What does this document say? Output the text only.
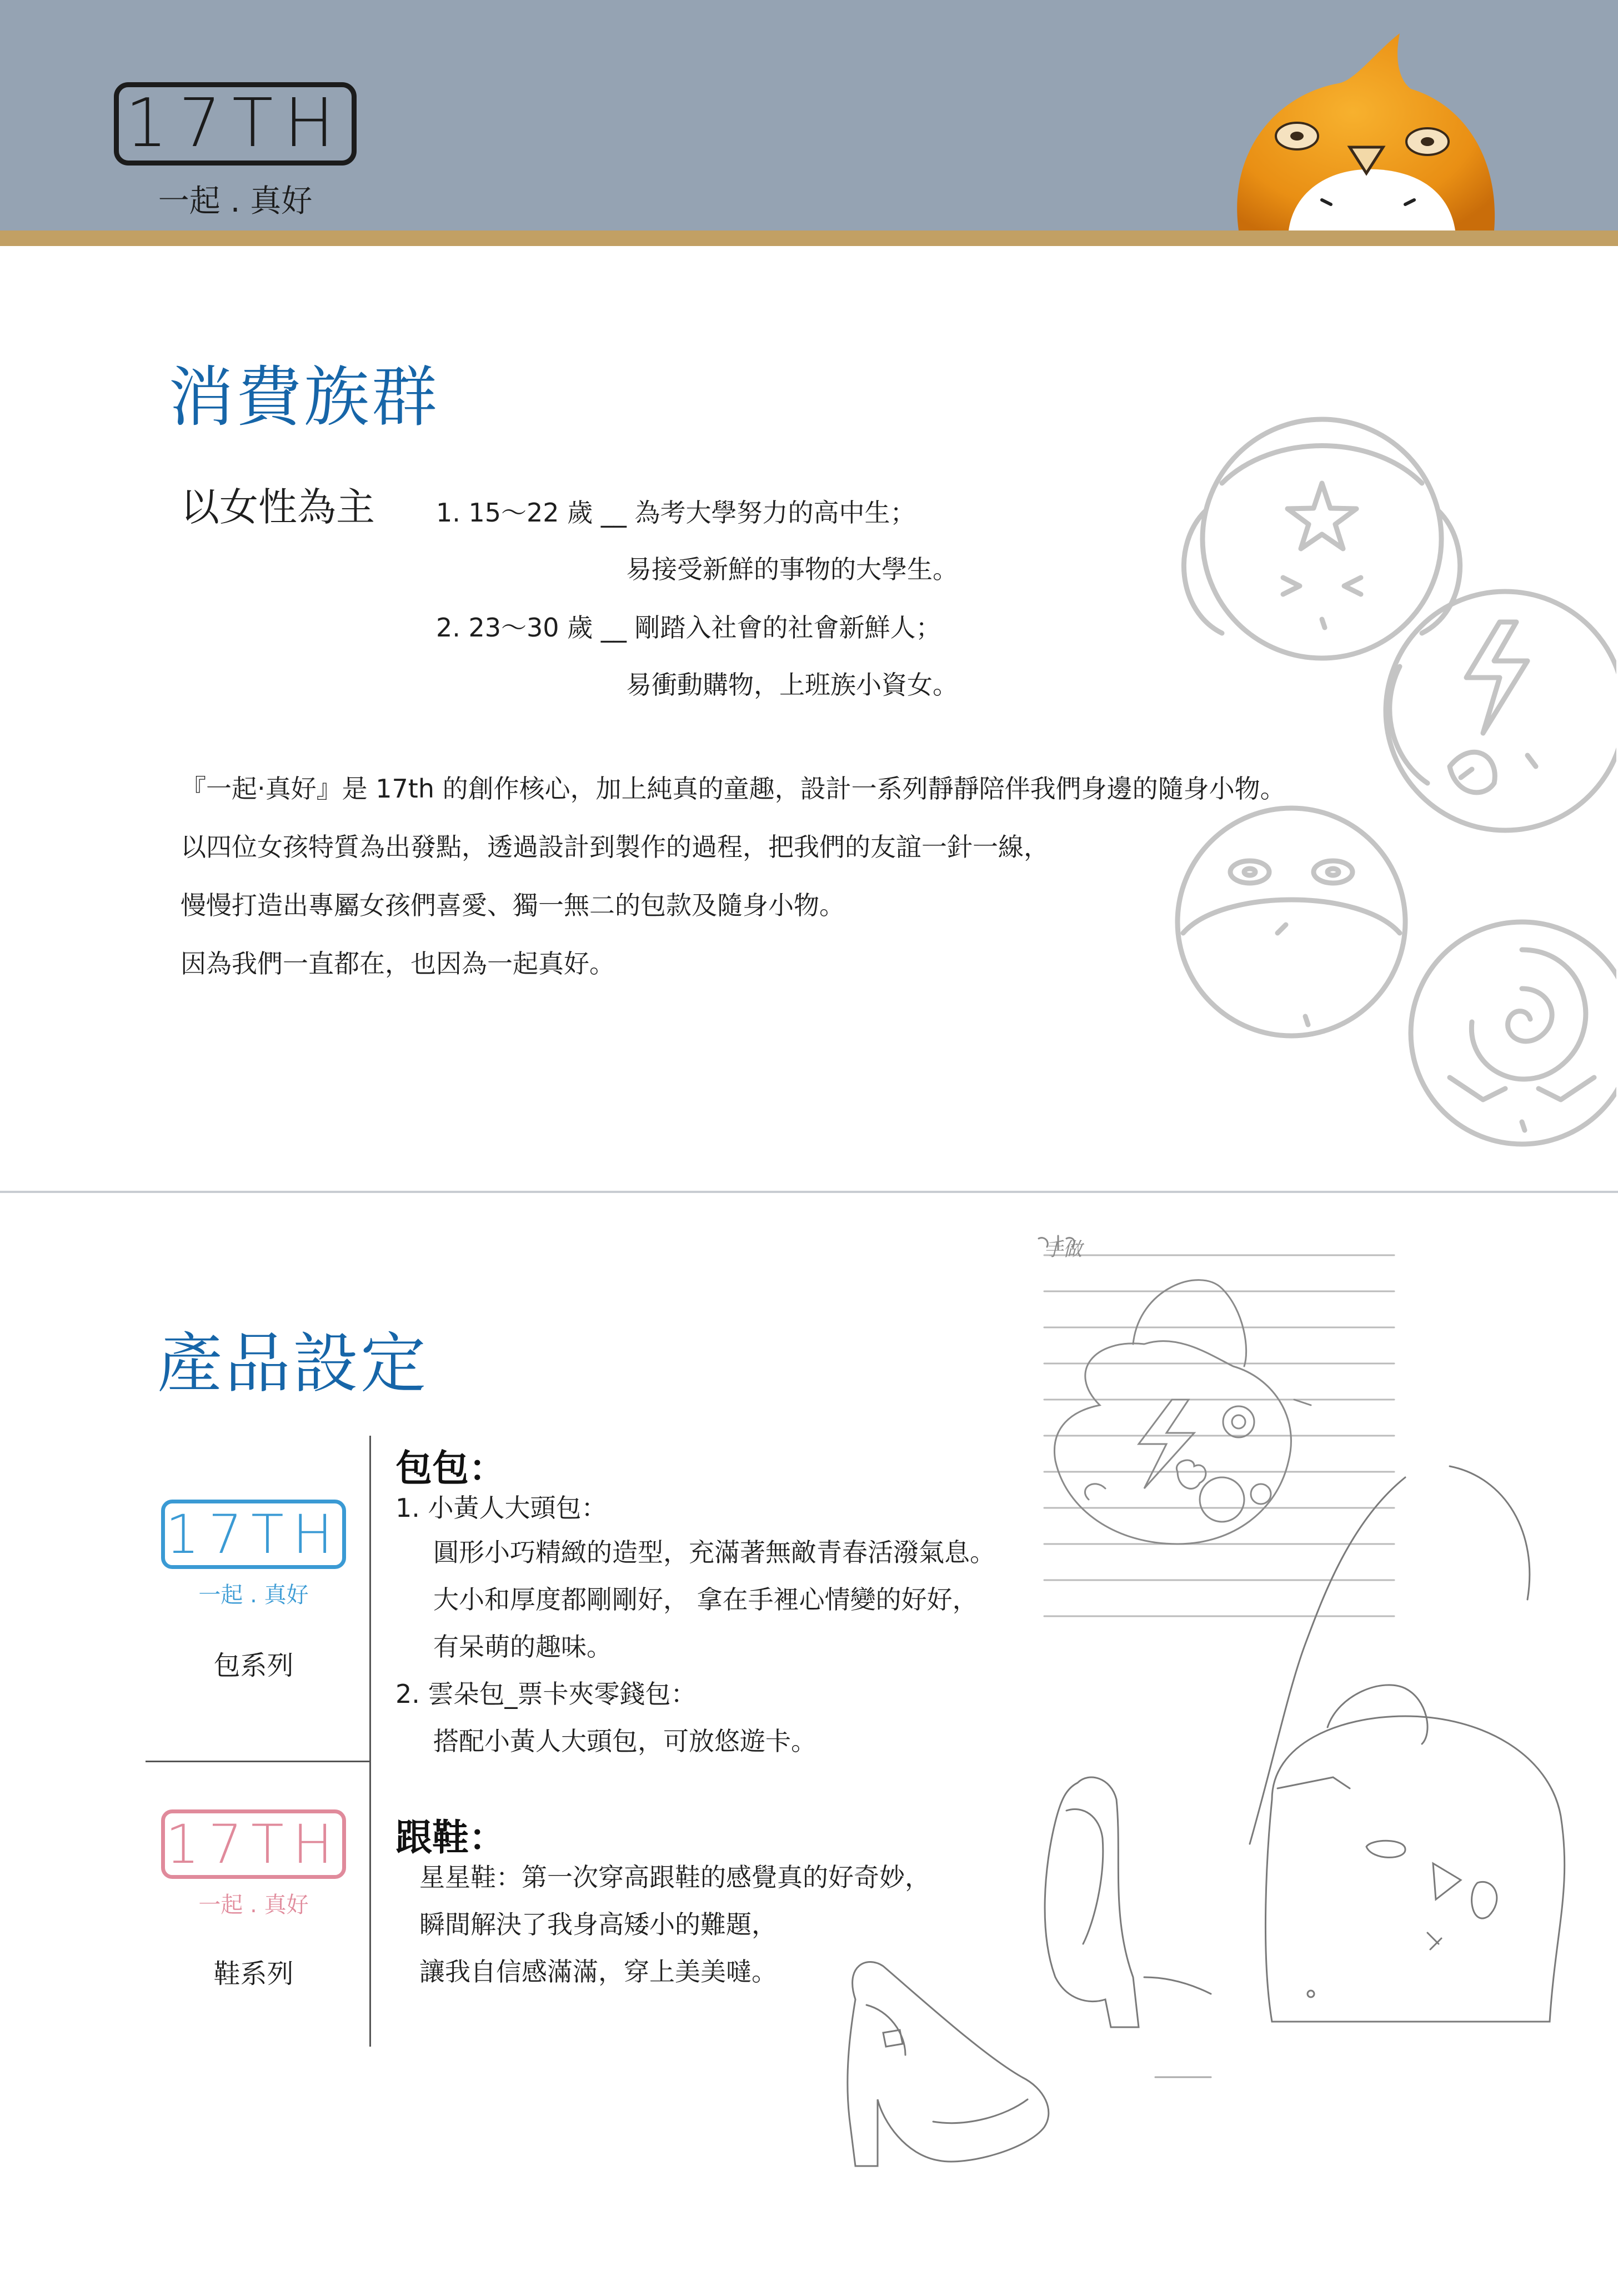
17TH
一起 . 真好
消費族群
以女性為主 1. 15～22 歲 __ 為考大學努力的高中生；
易接受新鮮的事物的大學生。
2. 23～30 歲 __ 剛踏入社會的社會新鮮人；
易衝動購物，上班族小資女。
『一起‧真好』是 17th 的創作核心，加上純真的童趣，設計一系列靜靜陪伴我們身邊的隨身小物。
以四位女孩特質為出發點，透過設計到製作的過程，把我們的友誼一針一線，
慢慢打造出專屬女孩們喜愛、獨一無二的包款及隨身小物。
因為我們一直都在，也因為一起真好。
產品設定
17TH
一起 . 真好
包系列
17TH
一起 . 真好
鞋系列
包包：
1. 小黃人大頭包：
圓形小巧精緻的造型，充滿著無敵青春活潑氣息。
大小和厚度都剛剛好， 拿在手裡心情變的好好，
有呆萌的趣味。
2. 雲朵包_票卡夾零錢包：
搭配小黃人大頭包，可放悠遊卡。
跟鞋：
星星鞋：第一次穿高跟鞋的感覺真的好奇妙，
瞬間解決了我身高矮小的難題，
讓我自信感滿滿，穿上美美噠。
手做
